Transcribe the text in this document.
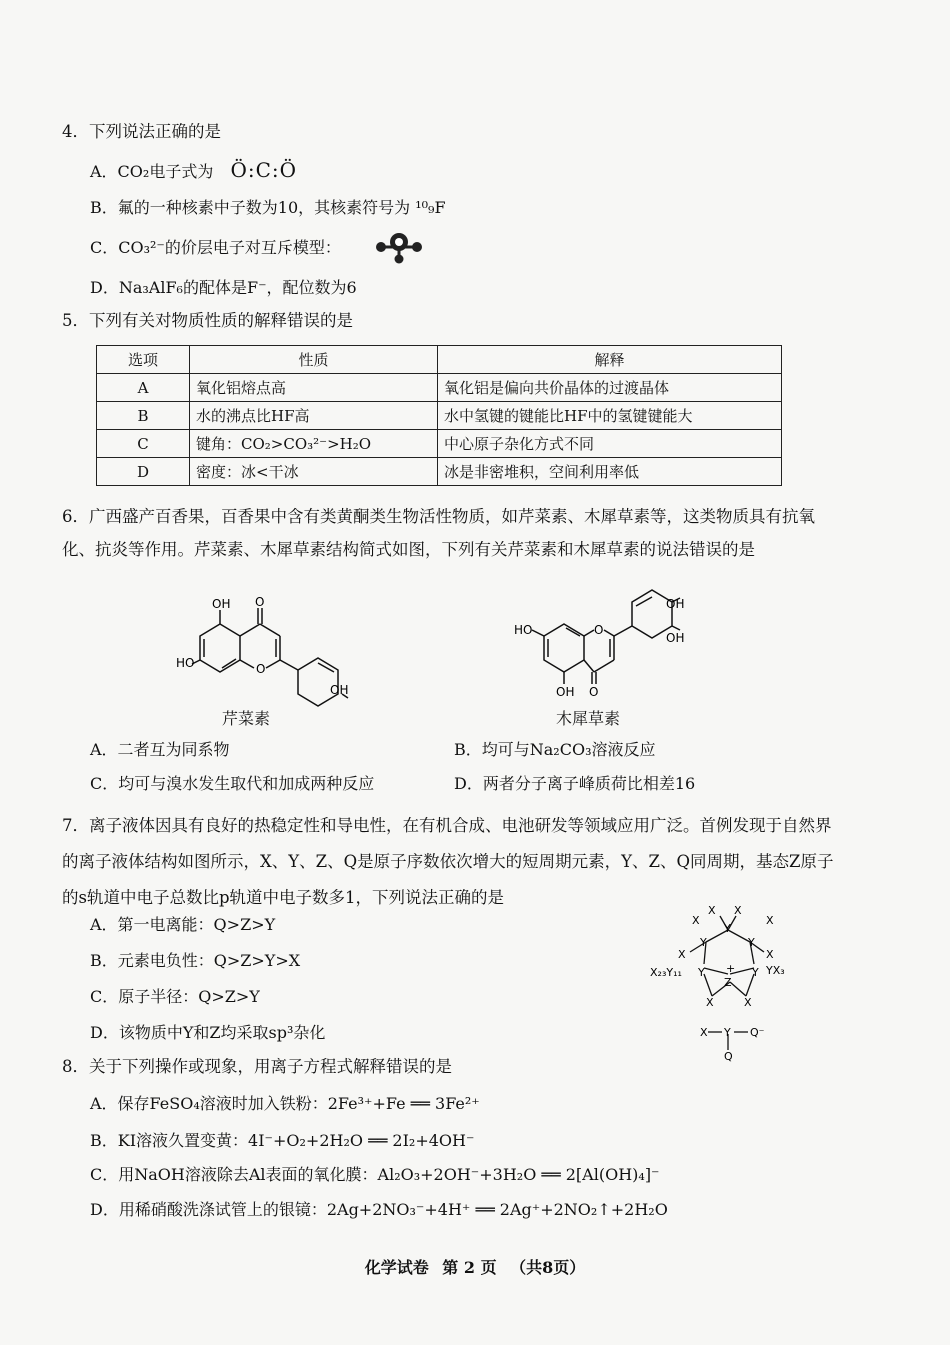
4．下列说法正确的是
A．CO₂电子式为 Ö:C:Ö
B．氟的一种核素中子数为10，其核素符号为 ¹⁰₉F
C．CO₃²⁻的价层电子对互斥模型：
D．Na₃AlF₆的配体是F⁻，配位数为6
5．下列有关对物质性质的解释错误的是
选项	性质	解释
A	氧化铝熔点高	氧化铝是偏向共价晶体的过渡晶体
B	水的沸点比HF高	水中氢键的键能比HF中的氢键键能大
C	键角：CO₂>CO₃²⁻>H₂O	中心原子杂化方式不同
D	密度：冰<干冰	冰是非密堆积，空间利用率低
6．广西盛产百香果，百香果中含有类黄酮类生物活性物质，如芹菜素、木犀草素等，这类物质具有抗氧化、抗炎等作用。芹菜素、木犀草素结构简式如图，下列有关芹菜素和木犀草素的说法错误的是
OH O
O
HO
OH
芹菜素
HO	O
OH O
OH
OH
木犀草素
A．二者互为同系物	B．均可与Na₂CO₃溶液反应
C．均可与溴水发生取代和加成两种反应	D．两者分子离子峰质荷比相差16
7．离子液体因具有良好的热稳定性和导电性，在有机合成、电池研发等领域应用广泛。首例发现于自然界的离子液体结构如图所示，X、Y、Z、Q是原子序数依次增大的短周期元素，Y、Z、Q同周期，基态Z原子的s轨道中电子总数比p轨道中电子数多1，下列说法正确的是
A．第一电离能：Q>Z>Y
B．元素电负性：Q>Z>Y>X
C．原子半径：Q>Z>Y
D．该物质中Y和Z均采取sp³杂化
X X
X	X
Y
Y	Y
X	X
X₂₃Y₁₁ Y	Y YX₃
+
Z
X	X
X Y Q⁻
Q
8．关于下列操作或现象，用离子方程式解释错误的是
A．保存FeSO₄溶液时加入铁粉：2Fe³⁺+Fe ══ 3Fe²⁺
B．KI溶液久置变黄：4I⁻+O₂+2H₂O ══ 2I₂+4OH⁻
C．用NaOH溶液除去Al表面的氧化膜：Al₂O₃+2OH⁻+3H₂O ══ 2[Al(OH)₄]⁻
D．用稀硝酸洗涤试管上的银镜：2Ag+2NO₃⁻+4H⁺ ══ 2Ag⁺+2NO₂↑+2H₂O
化学试卷 第 2 页 （共8页）
